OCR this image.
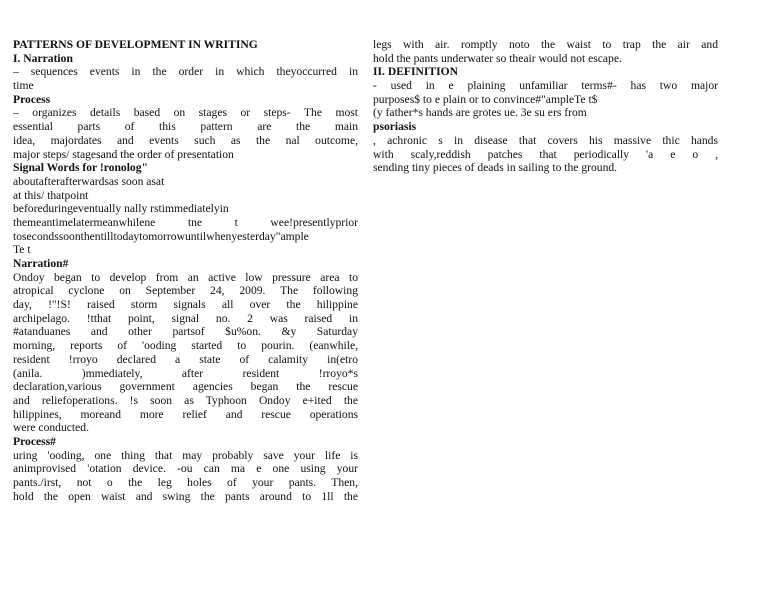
PATTERNS OF DEVELOPMENT IN WRITING
I. Narration
– sequences events in the order in which theyoccurred in
time
Process
– organizes details based on stages or steps- The most
essential parts of this pattern are the main
idea, majordates and events such as the nal outcome,
major steps/ stagesand the order of presentation
Signal Words for !ronolog"
aboutafterafterwardsas soon asat
at this/ thatpoint
beforeduringeventually nally rstimmediatelyin
themeantimelatermeanwhilene tne t wee!presentlyprior
tosecondssoonthentilltodaytomorrowuntilwhenyesterday"ample
Te t
Narration#
Ondoy began to develop from an active low pressure area to
atropical cyclone on September 24, 2009. The following
day, !"!S! raised storm signals all over the hilippine
archipelago. !tthat point, signal no. 2 was raised in
#atanduanes and other partsof $u%on. &y Saturday
morning, reports of 'ooding started to pourin. (eanwhile,
resident !rroyo declared a state of calamity in(etro
(anila. )mmediately, after resident !rroyo*s
declaration,various government agencies began the rescue
and reliefoperations. !s soon as Typhoon Ondoy e+ited the
hilippines, moreand more relief and rescue operations
were conducted.
Process#
uring 'ooding, one thing that may probably save your life is
animprovised 'otation device. -ou can ma e one using your
pants./irst, not o the leg holes of your pants. Then,
hold the open waist and swing the pants around to 1ll the
legs with air. romptly noto the waist to trap the air and
hold the pants underwater so theair would not escape.
II. DEFINITION
- used in e plaining unfamiliar terms#- has two major
purposes$ to e plain or to convince#"ampleTe t$
(y father*s hands are grotes ue. 3e su ers from
psoriasis
, achronic s in disease that covers his massive thic hands
with scaly,reddish patches that periodically 'a e o ,
sending tiny pieces of deads in sailing to the ground.
